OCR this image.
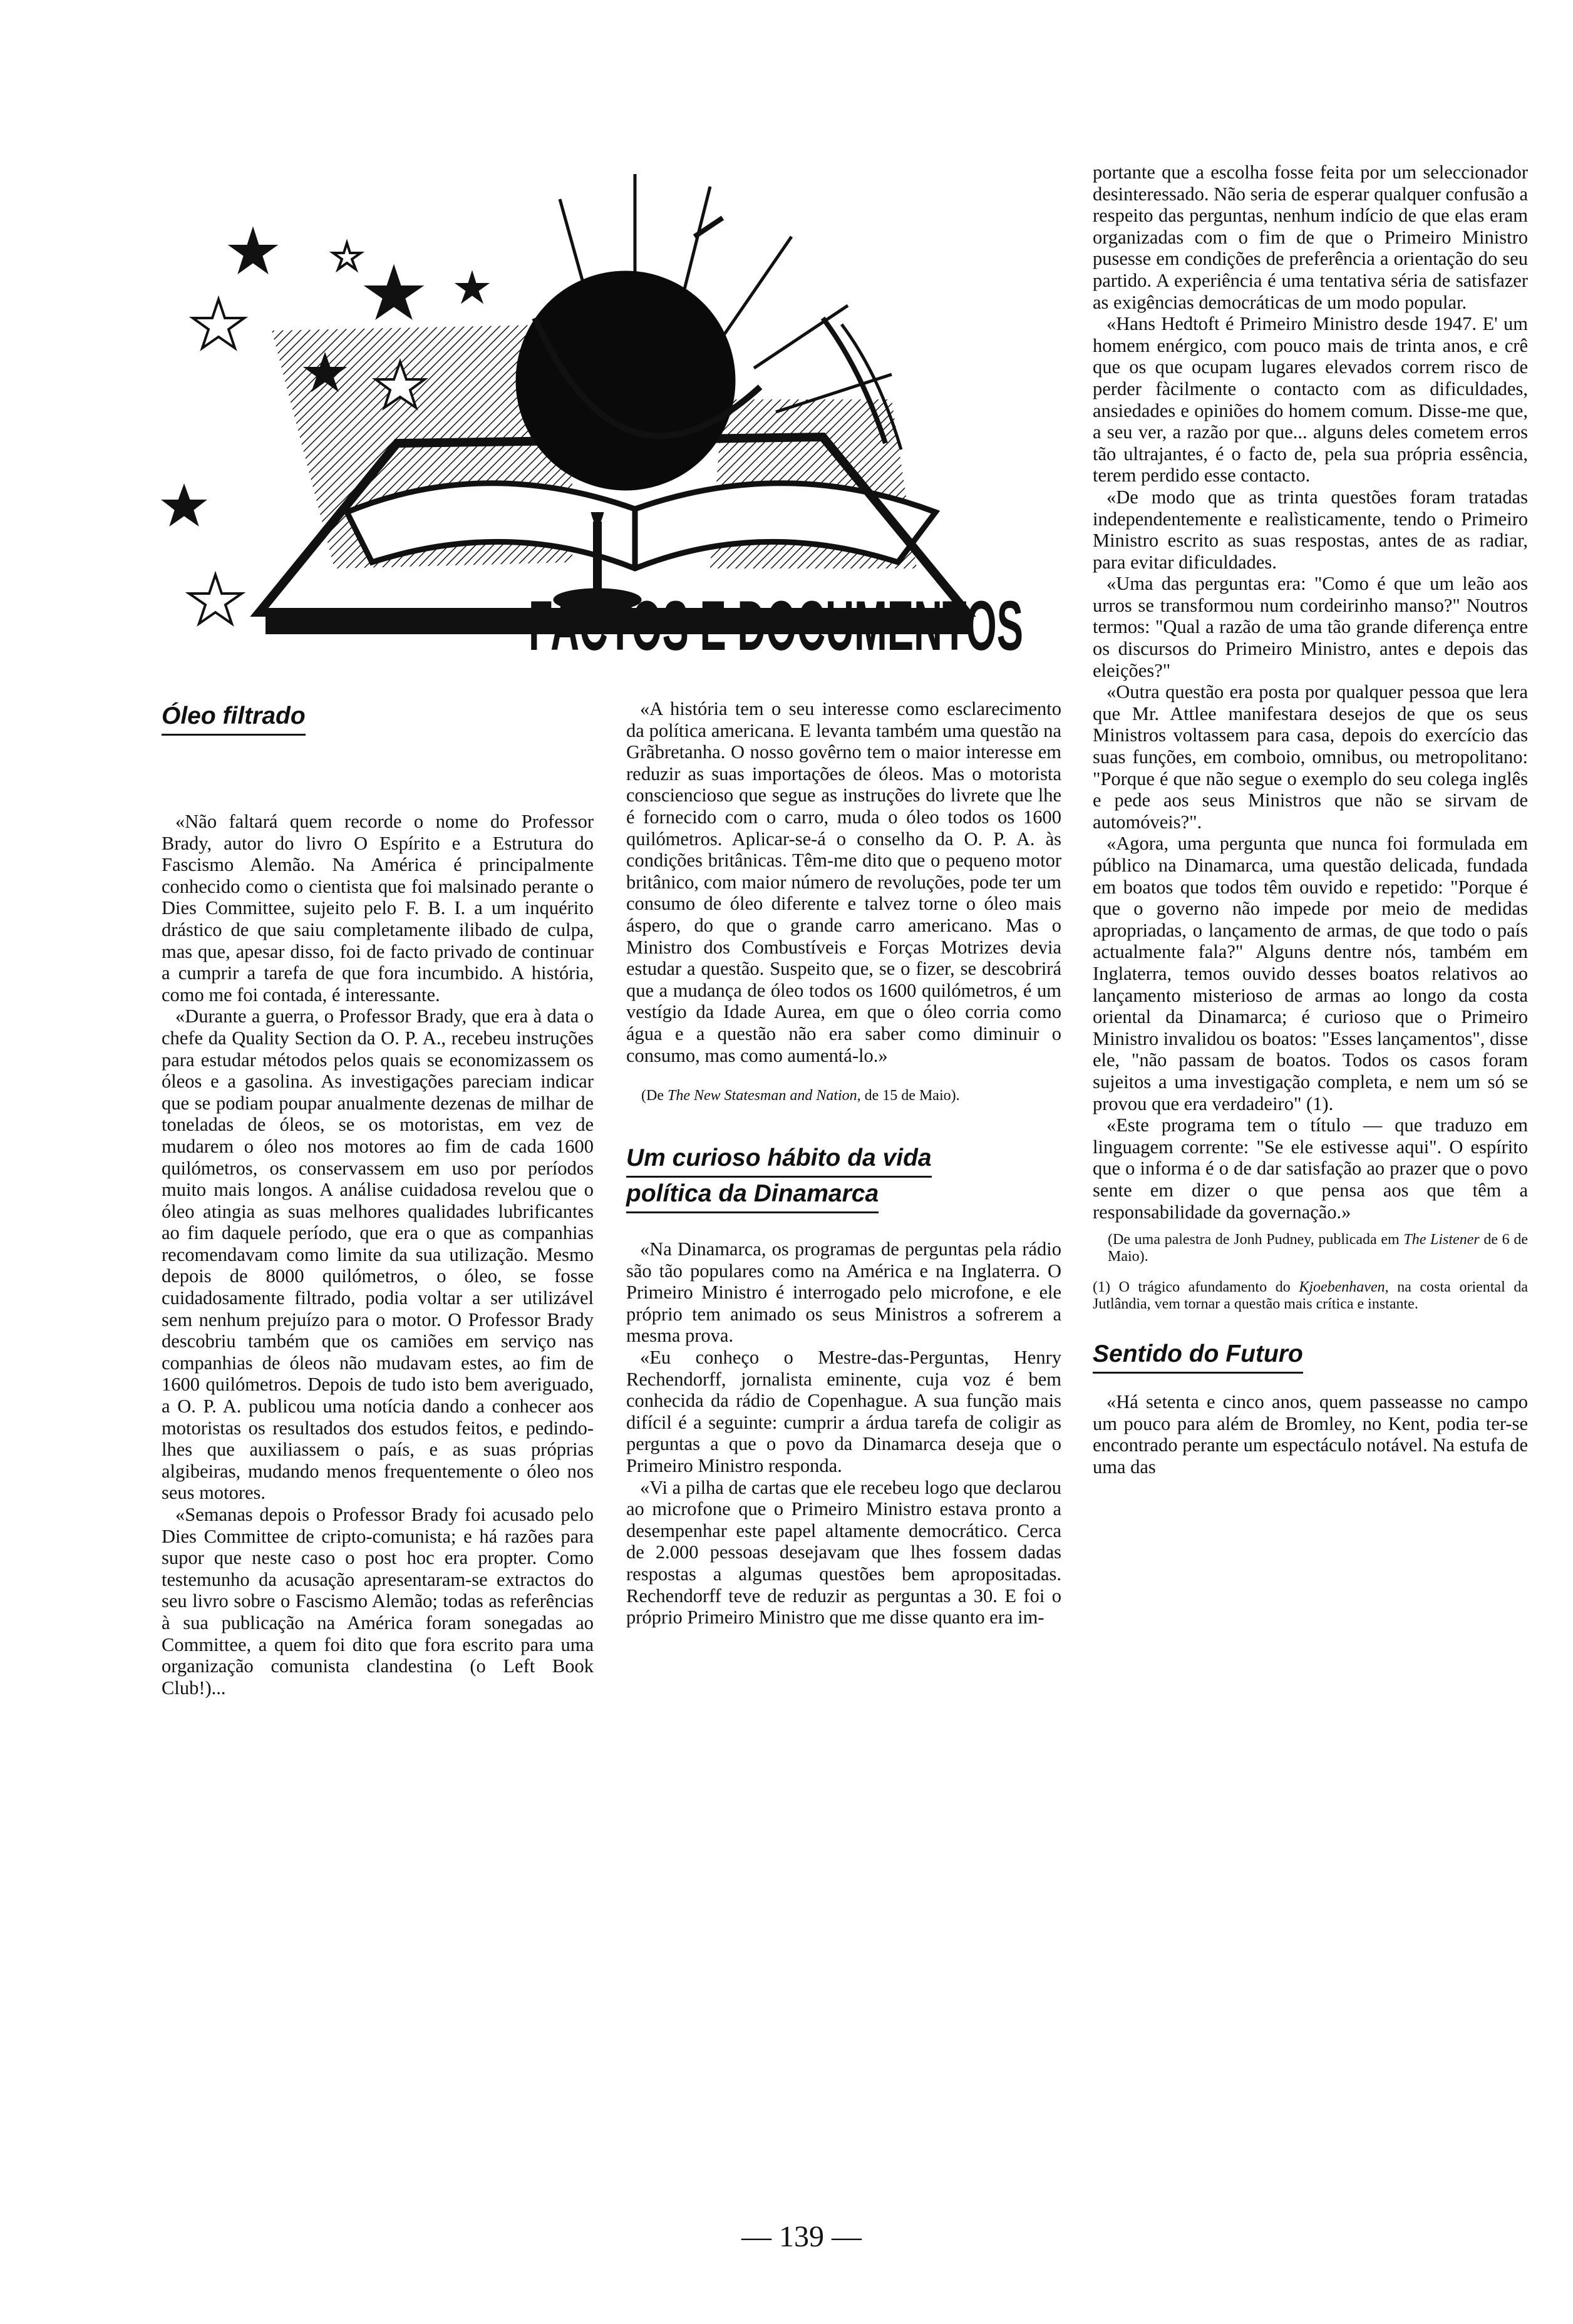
FACTOS E DOCUMENTOS
Óleo filtrado

«Não faltará quem recorde o nome do Professor Brady, autor do livro O Espírito e a Estrutura do Fascismo Alemão. Na América é principalmente conhecido como o cientista que foi malsinado perante o Dies Committee, sujeito pelo F. B. I. a um inquérito drástico de que saiu completamente ilibado de culpa, mas que, apesar disso, foi de facto privado de continuar a cumprir a tarefa de que fora incumbido. A história, como me foi contada, é interessante.

«Durante a guerra, o Professor Brady, que era à data o chefe da Quality Section da O. P. A., recebeu instruções para estudar métodos pelos quais se economizassem os óleos e a gasolina. As investigações pareciam indicar que se podiam poupar anualmente dezenas de milhar de toneladas de óleos, se os motoristas, em vez de mudarem o óleo nos motores ao fim de cada 1600 quilómetros, os conservassem em uso por períodos muito mais longos. A análise cuidadosa revelou que o óleo atingia as suas melhores qualidades lubrificantes ao fim daquele período, que era o que as companhias recomendavam como limite da sua utilização. Mesmo depois de 8000 quilómetros, o óleo, se fosse cuidadosamente filtrado, podia voltar a ser utilizável sem nenhum prejuízo para o motor. O Professor Brady descobriu também que os camiões em serviço nas companhias de óleos não mudavam estes, ao fim de 1600 quilómetros. Depois de tudo isto bem averiguado, a O. P. A. publicou uma notícia dando a conhecer aos motoristas os resultados dos estudos feitos, e pedindo-lhes que auxiliassem o país, e as suas próprias algibeiras, mudando menos frequentemente o óleo nos seus motores.

«Semanas depois o Professor Brady foi acusado pelo Dies Committee de cripto-comunista; e há razões para supor que neste caso o post hoc era propter. Como testemunho da acusação apresentaram-se extractos do seu livro sobre o Fascismo Alemão; todas as referências à sua publicação na América foram sonegadas ao Committee, a quem foi dito que fora escrito para uma organização comunista clandestina (o Left Book Club!)...

«A história tem o seu interesse como esclarecimento da política americana. E levanta também uma questão na Grãbretanha. O nosso govêrno tem o maior interesse em reduzir as suas importações de óleos. Mas o motorista consciencioso que segue as instruções do livrete que lhe é fornecido com o carro, muda o óleo todos os 1600 quilómetros. Aplicar-se-á o conselho da O. P. A. às condições britânicas. Têm-me dito que o pequeno motor britânico, com maior número de revoluções, pode ter um consumo de óleo diferente e talvez torne o óleo mais áspero, do que o grande carro americano. Mas o Ministro dos Combustíveis e Forças Motrizes devia estudar a questão. Suspeito que, se o fizer, se descobrirá que a mudança de óleo todos os 1600 quilómetros, é um vestígio da Idade Aurea, em que o óleo corria como água e a questão não era saber como diminuir o consumo, mas como aumentá-lo.»

(De The New Statesman and Nation, de 15 de Maio).

Um curioso hábito da vida
política da Dinamarca

«Na Dinamarca, os programas de perguntas pela rádio são tão populares como na América e na Inglaterra. O Primeiro Ministro é interrogado pelo microfone, e ele próprio tem animado os seus Ministros a sofrerem a mesma prova.

«Eu conheço o Mestre-das-Perguntas, Henry Rechendorff, jornalista eminente, cuja voz é bem conhecida da rádio de Copenhague. A sua função mais difícil é a seguinte: cumprir a árdua tarefa de coligir as perguntas a que o povo da Dinamarca deseja que o Primeiro Ministro responda.

«Vi a pilha de cartas que ele recebeu logo que declarou ao microfone que o Primeiro Ministro estava pronto a desempenhar este papel altamente democrático. Cerca de 2.000 pessoas desejavam que lhes fossem dadas respostas a algumas questões bem apropositadas. Rechendorff teve de reduzir as perguntas a 30. E foi o próprio Primeiro Ministro que me disse quanto era im-

portante que a escolha fosse feita por um seleccionador desinteressado. Não seria de esperar qualquer confusão a respeito das perguntas, nenhum indício de que elas eram organizadas com o fim de que o Primeiro Ministro pusesse em condições de preferência a orientação do seu partido. A experiência é uma tentativa séria de satisfazer as exigências democráticas de um modo popular.

«Hans Hedtoft é Primeiro Ministro desde 1947. E' um homem enérgico, com pouco mais de trinta anos, e crê que os que ocupam lugares elevados correm risco de perder fàcilmente o contacto com as dificuldades, ansiedades e opiniões do homem comum. Disse-me que, a seu ver, a razão por que... alguns deles cometem erros tão ultrajantes, é o facto de, pela sua própria essência, terem perdido esse contacto.

«De modo que as trinta questões foram tratadas independentemente e realìsticamente, tendo o Primeiro Ministro escrito as suas respostas, antes de as radiar, para evitar dificuldades.

«Uma das perguntas era: "Como é que um leão aos urros se transformou num cordeirinho manso?" Noutros termos: "Qual a razão de uma tão grande diferença entre os discursos do Primeiro Ministro, antes e depois das eleições?"

«Outra questão era posta por qualquer pessoa que lera que Mr. Attlee manifestara desejos de que os seus Ministros voltassem para casa, depois do exercício das suas funções, em comboio, omnibus, ou metropolitano: "Porque é que não segue o exemplo do seu colega inglês e pede aos seus Ministros que não se sirvam de automóveis?".

«Agora, uma pergunta que nunca foi formulada em público na Dinamarca, uma questão delicada, fundada em boatos que todos têm ouvido e repetido: "Porque é que o governo não impede por meio de medidas apropriadas, o lançamento de armas, de que todo o país actualmente fala?" Alguns dentre nós, também em Inglaterra, temos ouvido desses boatos relativos ao lançamento misterioso de armas ao longo da costa oriental da Dinamarca; é curioso que o Primeiro Ministro invalidou os boatos: "Esses lançamentos", disse ele, "não passam de boatos. Todos os casos foram sujeitos a uma investigação completa, e nem um só se provou que era verdadeiro" (1).

«Este programa tem o título — que traduzo em linguagem corrente: "Se ele estivesse aqui". O espírito que o informa é o de dar satisfação ao prazer que o povo sente em dizer o que pensa aos que têm a responsabilidade da governação.»

(De uma palestra de Jonh Pudney, publicada em The Listener de 6 de Maio).

(1) O trágico afundamento do Kjoebenhaven, na costa oriental da Jutlândia, vem tornar a questão mais crítica e instante.

Sentido do Futuro

«Há setenta e cinco anos, quem passeasse no campo um pouco para além de Bromley, no Kent, podia ter-se encontrado perante um espectáculo notável. Na estufa de uma das

— 139 —
